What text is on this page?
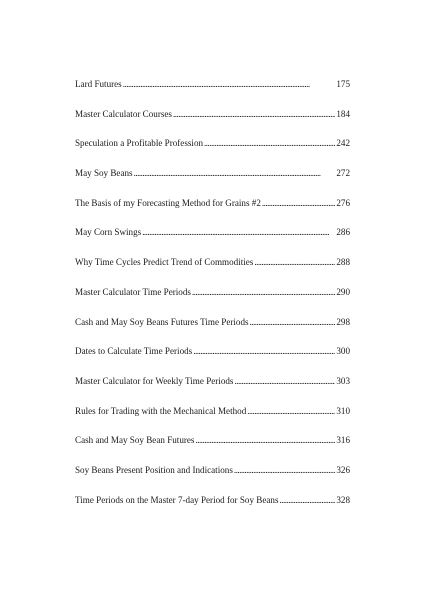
Lard Futures . . .	175
Master Calculator Courses . . .	184
Speculation a Profitable Profession . . .	242
May Soy Beans . . .	272
The Basis of my Forecasting Method for Grains #2 . . .	276
May Corn Swings . . .	286
Why Time Cycles Predict Trend of Commodities . . .	288
Master Calculator Time Periods . . .	290
Cash and May Soy Beans Futures Time Periods . . .	298
Dates to Calculate Time Periods . . .	300
Master Calculator for Weekly Time Periods . . .	303
Rules for Trading with the Mechanical Method . . .	310
Cash and May Soy Bean Futures . . .	316
Soy Beans Present Position and Indications . . .	326
Time Periods on the Master 7-day Period for Soy Beans . . .	328
